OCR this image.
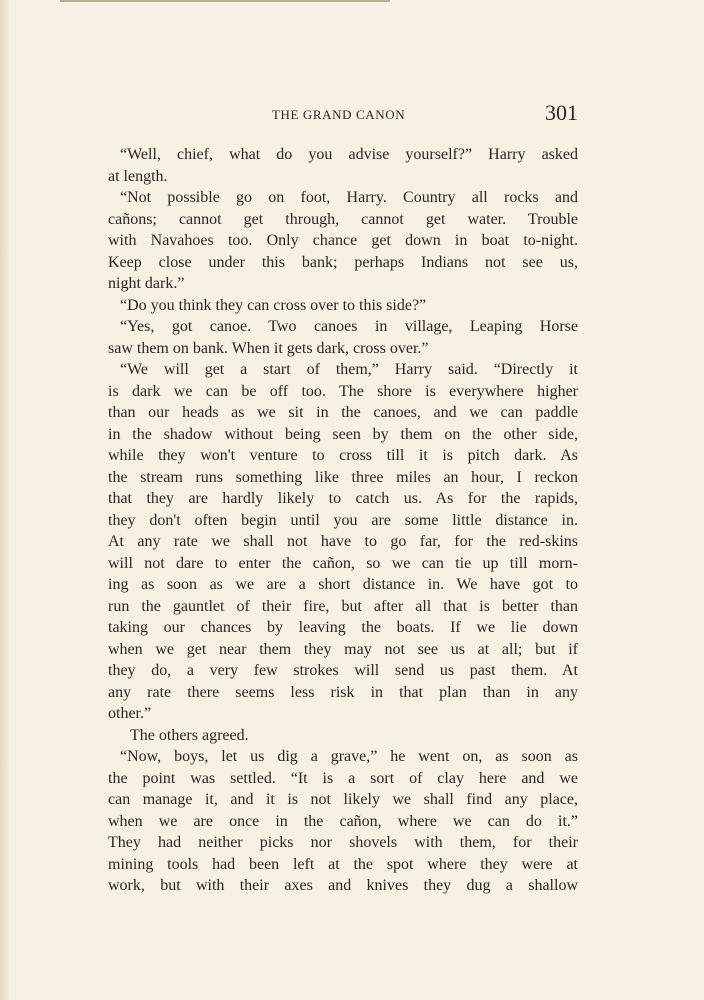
THE GRAND CANON	301
“Well, chief, what do you advise yourself?” Harry asked
at length.
“Not possible go on foot, Harry. Country all rocks and
cañons; cannot get through, cannot get water. Trouble
with Navahoes too. Only chance get down in boat to-night.
Keep close under this bank; perhaps Indians not see us,
night dark.”
“Do you think they can cross over to this side?”
“Yes, got canoe. Two canoes in village, Leaping Horse
saw them on bank. When it gets dark, cross over.”
“We will get a start of them,” Harry said. “Directly it
is dark we can be off too. The shore is everywhere higher
than our heads as we sit in the canoes, and we can paddle
in the shadow without being seen by them on the other side,
while they won't venture to cross till it is pitch dark. As
the stream runs something like three miles an hour, I reckon
that they are hardly likely to catch us. As for the rapids,
they don't often begin until you are some little distance in.
At any rate we shall not have to go far, for the red-skins
will not dare to enter the cañon, so we can tie up till morn-
ing as soon as we are a short distance in. We have got to
run the gauntlet of their fire, but after all that is better than
taking our chances by leaving the boats. If we lie down
when we get near them they may not see us at all; but if
they do, a very few strokes will send us past them. At
any rate there seems less risk in that plan than in any
other.”
The others agreed.
“Now, boys, let us dig a grave,” he went on, as soon as
the point was settled. “It is a sort of clay here and we
can manage it, and it is not likely we shall find any place,
when we are once in the cañon, where we can do it.”
They had neither picks nor shovels with them, for their
mining tools had been left at the spot where they were at
work, but with their axes and knives they dug a shallow
